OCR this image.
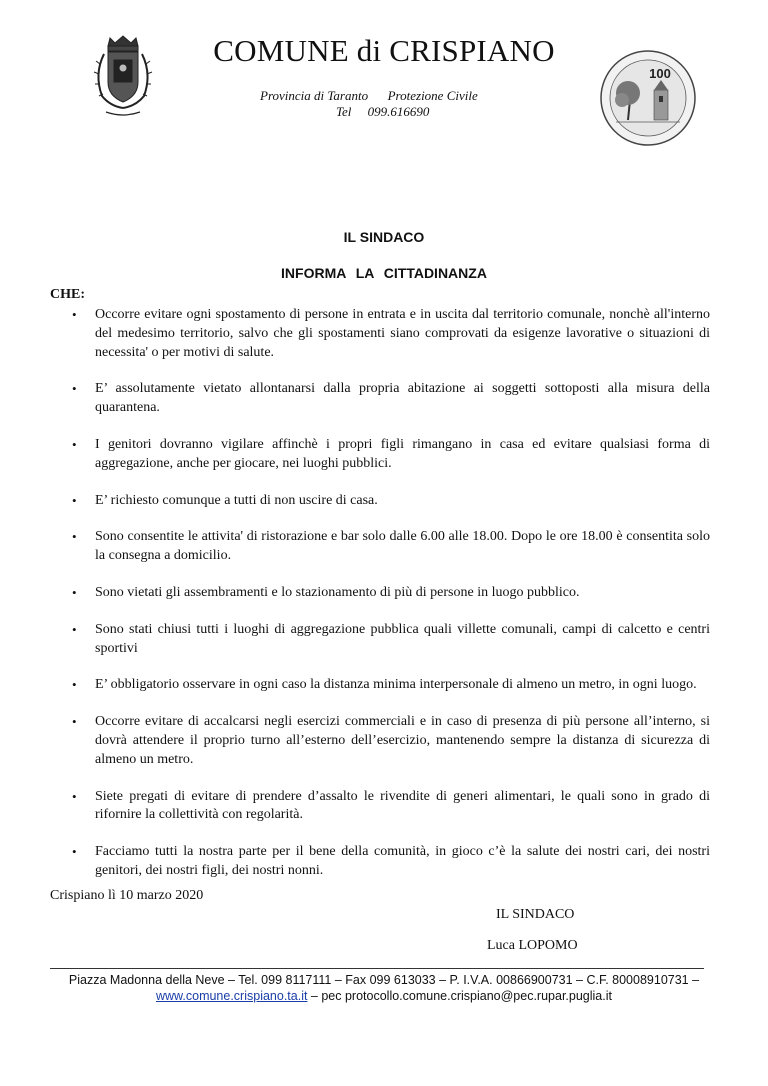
COMUNE di CRISPIANO
Provincia di Taranto Protezione Civile
Tel 099.616690
100
IL SINDACO
INFORMA LA CITTADINANZA
CHE:
• Occorre evitare ogni spostamento di persone in entrata e in uscita dal territorio comunale, nonchè all'interno del medesimo territorio, salvo che gli spostamenti siano comprovati da esigenze lavorative o situazioni di necessita' o per motivi di salute.
• E’ assolutamente vietato allontanarsi dalla propria abitazione ai soggetti sottoposti alla misura della quarantena.
• I genitori dovranno vigilare affinchè i propri figli rimangano in casa ed evitare qualsiasi forma di aggregazione, anche per giocare, nei luoghi pubblici.
• E’ richiesto comunque a tutti di non uscire di casa.
• Sono consentite le attivita' di ristorazione e bar solo dalle 6.00 alle 18.00. Dopo le ore 18.00 è consentita solo la consegna a domicilio.
• Sono vietati gli assembramenti e lo stazionamento di più di persone in luogo pubblico.
• Sono stati chiusi tutti i luoghi di aggregazione pubblica quali villette comunali, campi di calcetto e centri sportivi
• E’ obbligatorio osservare in ogni caso la distanza minima interpersonale di almeno un metro, in ogni luogo.
• Occorre evitare di accalcarsi negli esercizi commerciali e in caso di presenza di più persone all’interno, si dovrà attendere il proprio turno all’esterno dell’esercizio, mantenendo sempre la distanza di sicurezza di almeno un metro.
• Siete pregati di evitare di prendere d’assalto le rivendite di generi alimentari, le quali sono in grado di rifornire la collettività con regolarità.
• Facciamo tutti la nostra parte per il bene della comunità, in gioco c’è la salute dei nostri cari, dei nostri genitori, dei nostri figli, dei nostri nonni.
Crispiano lì 10 marzo 2020
IL SINDACO
Luca LOPOMO
Piazza Madonna della Neve – Tel. 099 8117111 – Fax 099 613033 – P. I.V.A. 00866900731 – C.F. 80008910731 –
www.comune.crispiano.ta.it – pec protocollo.comune.crispiano@pec.rupar.puglia.it
